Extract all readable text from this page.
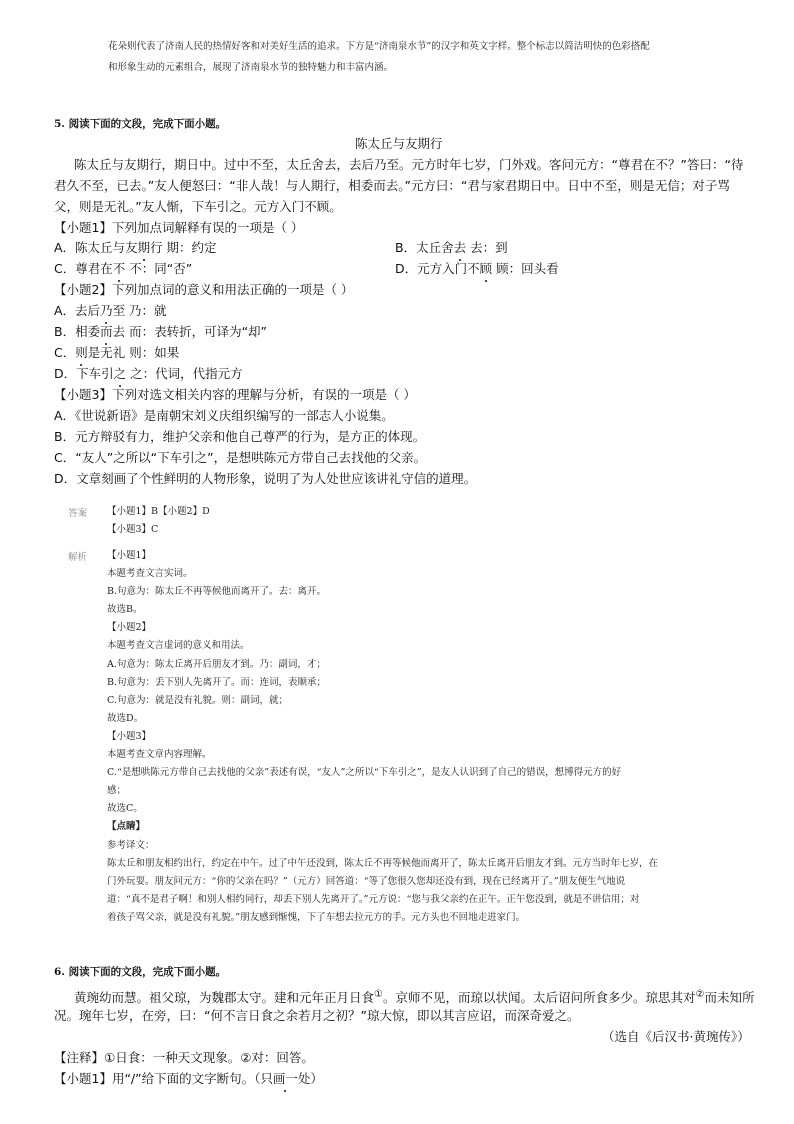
花朵则代表了济南人民的热情好客和对美好生活的追求。下方是“济南泉水节”的汉字和英文字样。整个标志以简洁明快的色彩搭配
和形象生动的元素组合，展现了济南泉水节的独特魅力和丰富内涵。
5. 阅读下面的文段，完成下面小题。
陈太丘与友期行
陈太丘与友期行，期日中。过中不至，太丘舍去，去后乃至。元方时年七岁，门外戏。客问元方：“尊君在不？”答曰：“待
君久不至，已去。”友人便怒曰：“非人哉！与人期行，相委而去。”元方曰：“君与家君期日中。日中不至，则是无信；对子骂
父，则是无礼。”友人惭，下车引之。元方入门不顾。
【小题1】下列加点词解释有误的一项是（ ）
A．陈太丘与友期行 期：约定	B．太丘舍去 去：到
C．尊君在不 不：同“否”	D．元方入门不顾 顾：回头看
【小题2】下列加点词的意义和用法正确的一项是（ ）
A．去后乃至 乃：就
B．相委而去 而：表转折，可译为“却”
C．则是无礼 则：如果
D．下车引之 之：代词，代指元方
【小题3】下列对选文相关内容的理解与分析，有误的一项是（ ）
A．《世说新语》是南朝宋刘义庆组织编写的一部志人小说集。
B．元方辩驳有力，维护父亲和他自己尊严的行为，是方正的体现。
C．“友人”之所以“下车引之”，是想哄陈元方带自己去找他的父亲。
D．文章刻画了个性鲜明的人物形象，说明了为人处世应该讲礼守信的道理。
答案 【小题1】B【小题2】D
【小题3】C
解析 【小题1】
本题考查文言实词。
B.句意为：陈太丘不再等候他而离开了。去：离开。
故选B。
【小题2】
本题考查文言虚词的意义和用法。
A.句意为：陈太丘离开后朋友才到。乃：副词，才；
B.句意为：丢下别人先离开了。而：连词，表顺承；
C.句意为：就是没有礼貌。则：副词，就；
故选D。
【小题3】
本题考查文章内容理解。
C.“是想哄陈元方带自己去找他的父亲”表述有误，“友人”之所以“下车引之”，是友人认识到了自己的错误，想博得元方的好
感；
故选C。
【点睛】
参考译文：
陈太丘和朋友相约出行，约定在中午。过了中午还没到，陈太丘不再等候他而离开了，陈太丘离开后朋友才到。元方当时年七岁，在
门外玩耍。朋友问元方：“你的父亲在吗？”（元方）回答道：“等了您很久您却还没有到，现在已经离开了。”朋友便生气地说
道：“真不是君子啊！和别人相约同行，却丢下别人先离开了。”元方说：“您与我父亲约在正午。正午您没到，就是不讲信用；对
着孩子骂父亲，就是没有礼貌。”朋友感到惭愧，下了车想去拉元方的手。元方头也不回地走进家门。
6. 阅读下面的文段，完成下面小题。
黄琬幼而慧。祖父琼，为魏郡太守。建和元年正月日食①。京师不见，而琼以状闻。太后诏问所食多少。琼思其对②而未知所
况。琬年七岁，在旁，曰：“何不言日食之余若月之初？”琼大惊，即以其言应诏，而深奇爱之。
（选自《后汉书·黄琬传》）
【注释】①日食：一种天文现象。②对：回答。
【小题1】用“/”给下面的文字断句。（只画一处）
